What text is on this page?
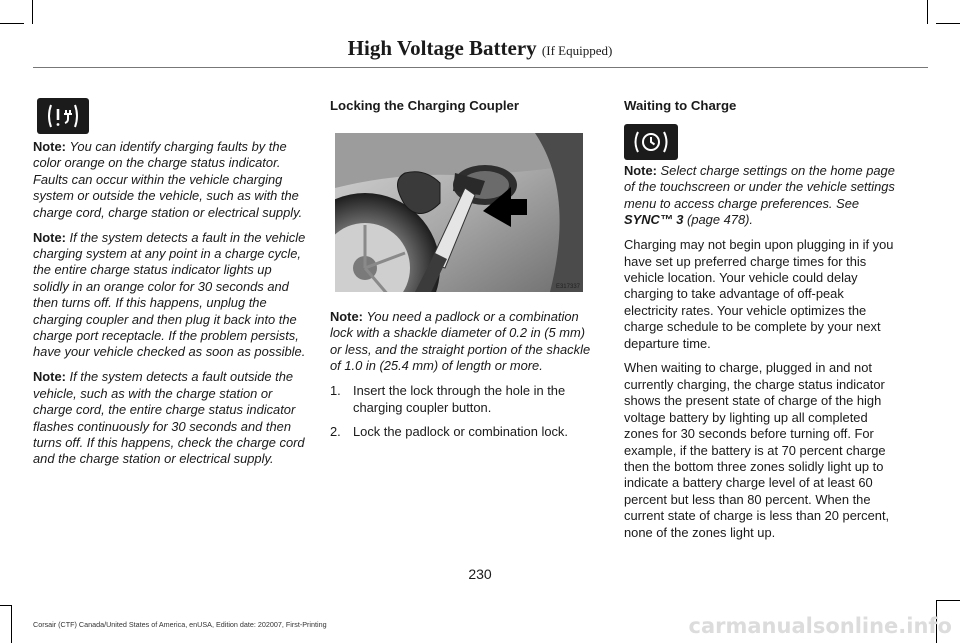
High Voltage Battery (If Equipped)

Note: You can identify charging faults by the color orange on the charge status indicator. Faults can occur within the vehicle charging system or outside the vehicle, such as with the charge cord, charge station or electrical supply.

Note: If the system detects a fault in the vehicle charging system at any point in a charge cycle, the entire charge status indicator lights up solidly in an orange color for 30 seconds and then turns off. If this happens, unplug the charging coupler and then plug it back into the charge port receptacle. If the problem persists, have your vehicle checked as soon as possible.

Note: If the system detects a fault outside the vehicle, such as with the charge station or charge cord, the entire charge status indicator flashes continuously for 30 seconds and then turns off. If this happens, check the charge cord and the charge station or electrical supply.

Locking the Charging Coupler
E317337

Note: You need a padlock or a combination lock with a shackle diameter of 0.2 in (5 mm) or less, and the straight portion of the shackle of 1.0 in (25.4 mm) of length or more.

1. Insert the lock through the hole in the charging coupler button.
2. Lock the padlock or combination lock.
Waiting to Charge

Note: Select charge settings on the home page of the touchscreen or under the vehicle settings menu to access charge preferences. See SYNC™ 3 (page 478).

Charging may not begin upon plugging in if you have set up preferred charge times for this vehicle location. Your vehicle could delay charging to take advantage of off-peak electricity rates. Your vehicle optimizes the charge schedule to be complete by your next departure time.

When waiting to charge, plugged in and not currently charging, the charge status indicator shows the present state of charge of the high voltage battery by lighting up all completed zones for 30 seconds before turning off. For example, if the battery is at 70 percent charge then the bottom three zones solidly light up to indicate a battery charge level of at least 60 percent but less than 80 percent. When the current state of charge is less than 20 percent, none of the zones light up.

230
Corsair (CTF) Canada/United States of America, enUSA, Edition date: 202007, First-Printing	carmanualsonline.info
